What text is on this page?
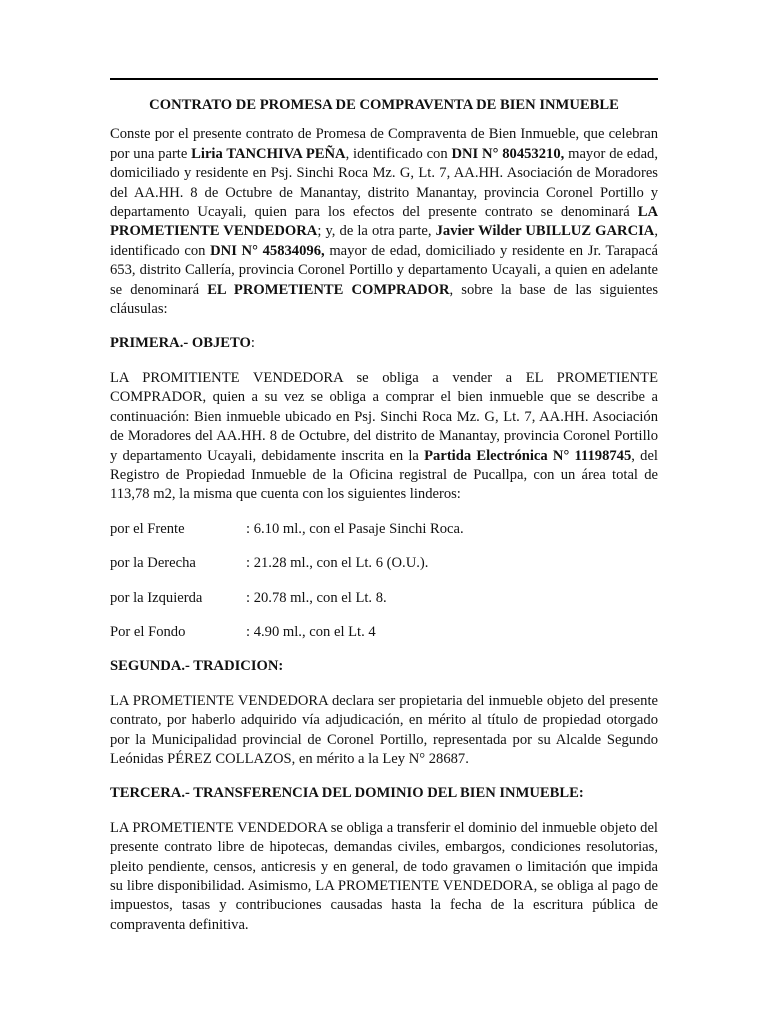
CONTRATO DE PROMESA DE COMPRAVENTA DE BIEN INMUEBLE

Conste por el presente contrato de Promesa de Compraventa de Bien Inmueble, que celebran por una parte Liria TANCHIVA PEÑA, identificado con DNI N° 80453210, mayor de edad, domiciliado y residente en Psj. Sinchi Roca Mz. G, Lt. 7, AA.HH. Asociación de Moradores del AA.HH. 8 de Octubre de Manantay, distrito Manantay, provincia Coronel Portillo y departamento Ucayali, quien para los efectos del presente contrato se denominará LA PROMETIENTE VENDEDORA; y, de la otra parte, Javier Wilder UBILLUZ GARCIA, identificado con DNI N° 45834096, mayor de edad, domiciliado y residente en Jr. Tarapacá 653, distrito Callería, provincia Coronel Portillo y departamento Ucayali, a quien en adelante se denominará EL PROMETIENTE COMPRADOR, sobre la base de las siguientes cláusulas:

PRIMERA.- OBJETO:

LA PROMITIENTE VENDEDORA se obliga a vender a EL PROMETIENTE COMPRADOR, quien a su vez se obliga a comprar el bien inmueble que se describe a continuación: Bien inmueble ubicado en Psj. Sinchi Roca Mz. G, Lt. 7, AA.HH. Asociación de Moradores del AA.HH. 8 de Octubre, del distrito de Manantay, provincia Coronel Portillo y departamento Ucayali, debidamente inscrita en la Partida Electrónica N° 11198745, del Registro de Propiedad Inmueble de la Oficina registral de Pucallpa, con un área total de 113,78 m2, la misma que cuenta con los siguientes linderos:

por el Frente	: 6.10 ml., con el Pasaje Sinchi Roca.
por la Derecha	: 21.28 ml., con el Lt. 6 (O.U.).
por la Izquierda	: 20.78 ml., con el Lt. 8.
Por el Fondo	: 4.90 ml., con el Lt. 4

SEGUNDA.- TRADICION:

LA PROMETIENTE VENDEDORA declara ser propietaria del inmueble objeto del presente contrato, por haberlo adquirido vía adjudicación, en mérito al título de propiedad otorgado por la Municipalidad provincial de Coronel Portillo, representada por su Alcalde Segundo Leónidas PÉREZ COLLAZOS, en mérito a la Ley N° 28687.

TERCERA.- TRANSFERENCIA DEL DOMINIO DEL BIEN INMUEBLE:

LA PROMETIENTE VENDEDORA se obliga a transferir el dominio del inmueble objeto del presente contrato libre de hipotecas, demandas civiles, embargos, condiciones resolutorias, pleito pendiente, censos, anticresis y en general, de todo gravamen o limitación que impida su libre disponibilidad. Asimismo, LA PROMETIENTE VENDEDORA, se obliga al pago de impuestos, tasas y contribuciones causadas hasta la fecha de la escritura pública de compraventa definitiva.
